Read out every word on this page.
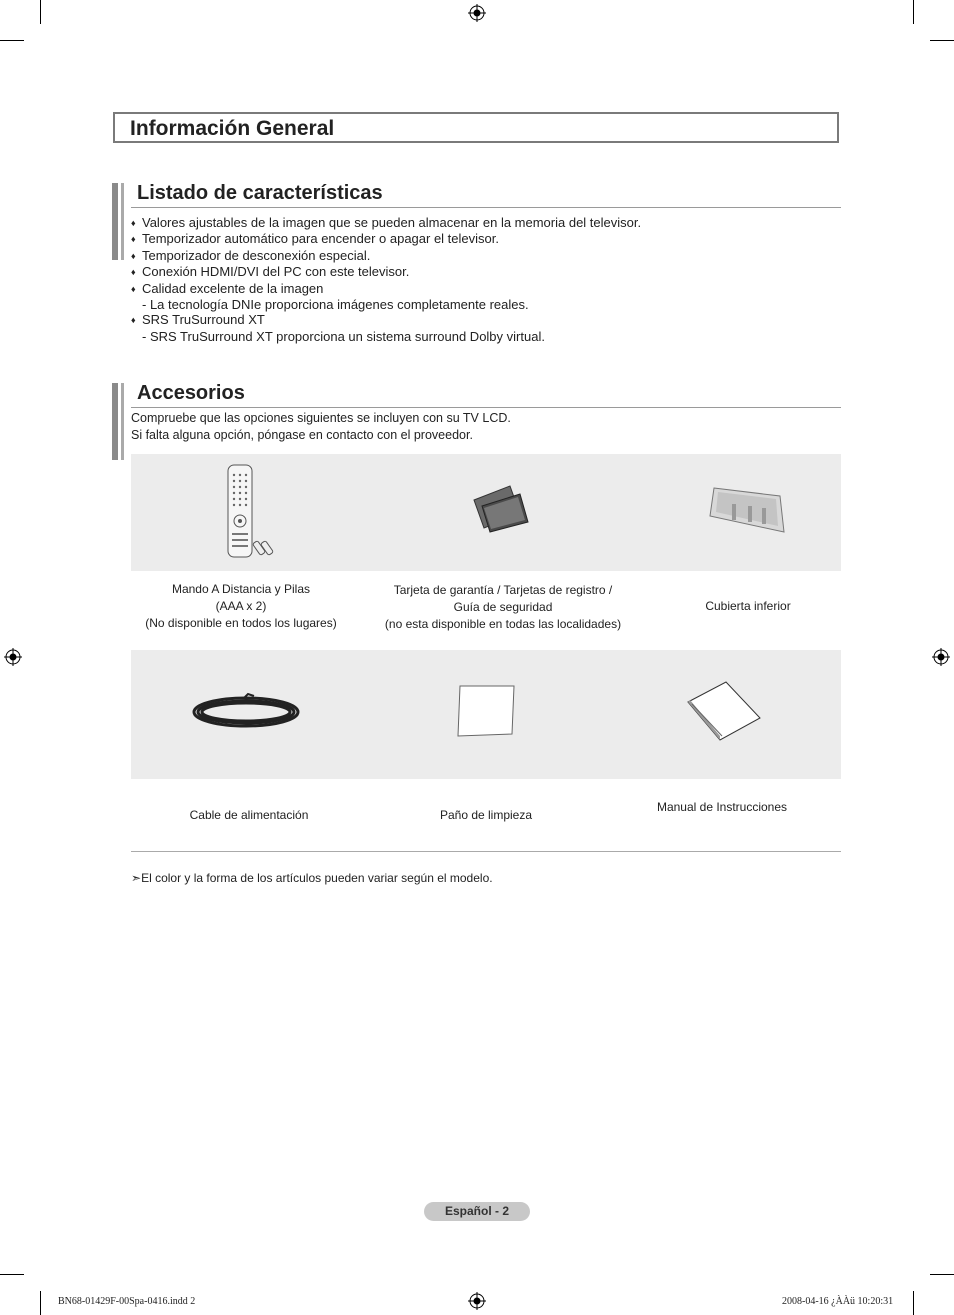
Información General
Listado de características
♦ Valores ajustables de la imagen que se pueden almacenar en la memoria del televisor.
♦ Temporizador automático para encender o apagar el televisor.
♦ Temporizador de desconexión especial.
♦ Conexión HDMI/DVI del PC con este televisor.
♦ Calidad excelente de la imagen
- La tecnología DNIe proporciona imágenes completamente reales.
♦ SRS TruSurround XT
- SRS TruSurround XT proporciona un sistema surround Dolby virtual.
Accesorios
Compruebe que las opciones siguientes se incluyen con su TV LCD.
Si falta alguna opción, póngase en contacto con el proveedor.
Mando A Distancia y Pilas
(AAA x 2)
(No disponible en todos los lugares)
Tarjeta de garantía / Tarjetas de registro /
Guía de seguridad
(no esta disponible en todas las localidades)
Cubierta inferior
Cable de alimentación	Paño de limpieza
Manual de Instrucciones
➣El color y la forma de los artículos pueden variar según el modelo.
Español - 2
BN68-01429F-00Spa-0416.indd 2	2008-04-16 ¿ÀÀü 10:20:31
